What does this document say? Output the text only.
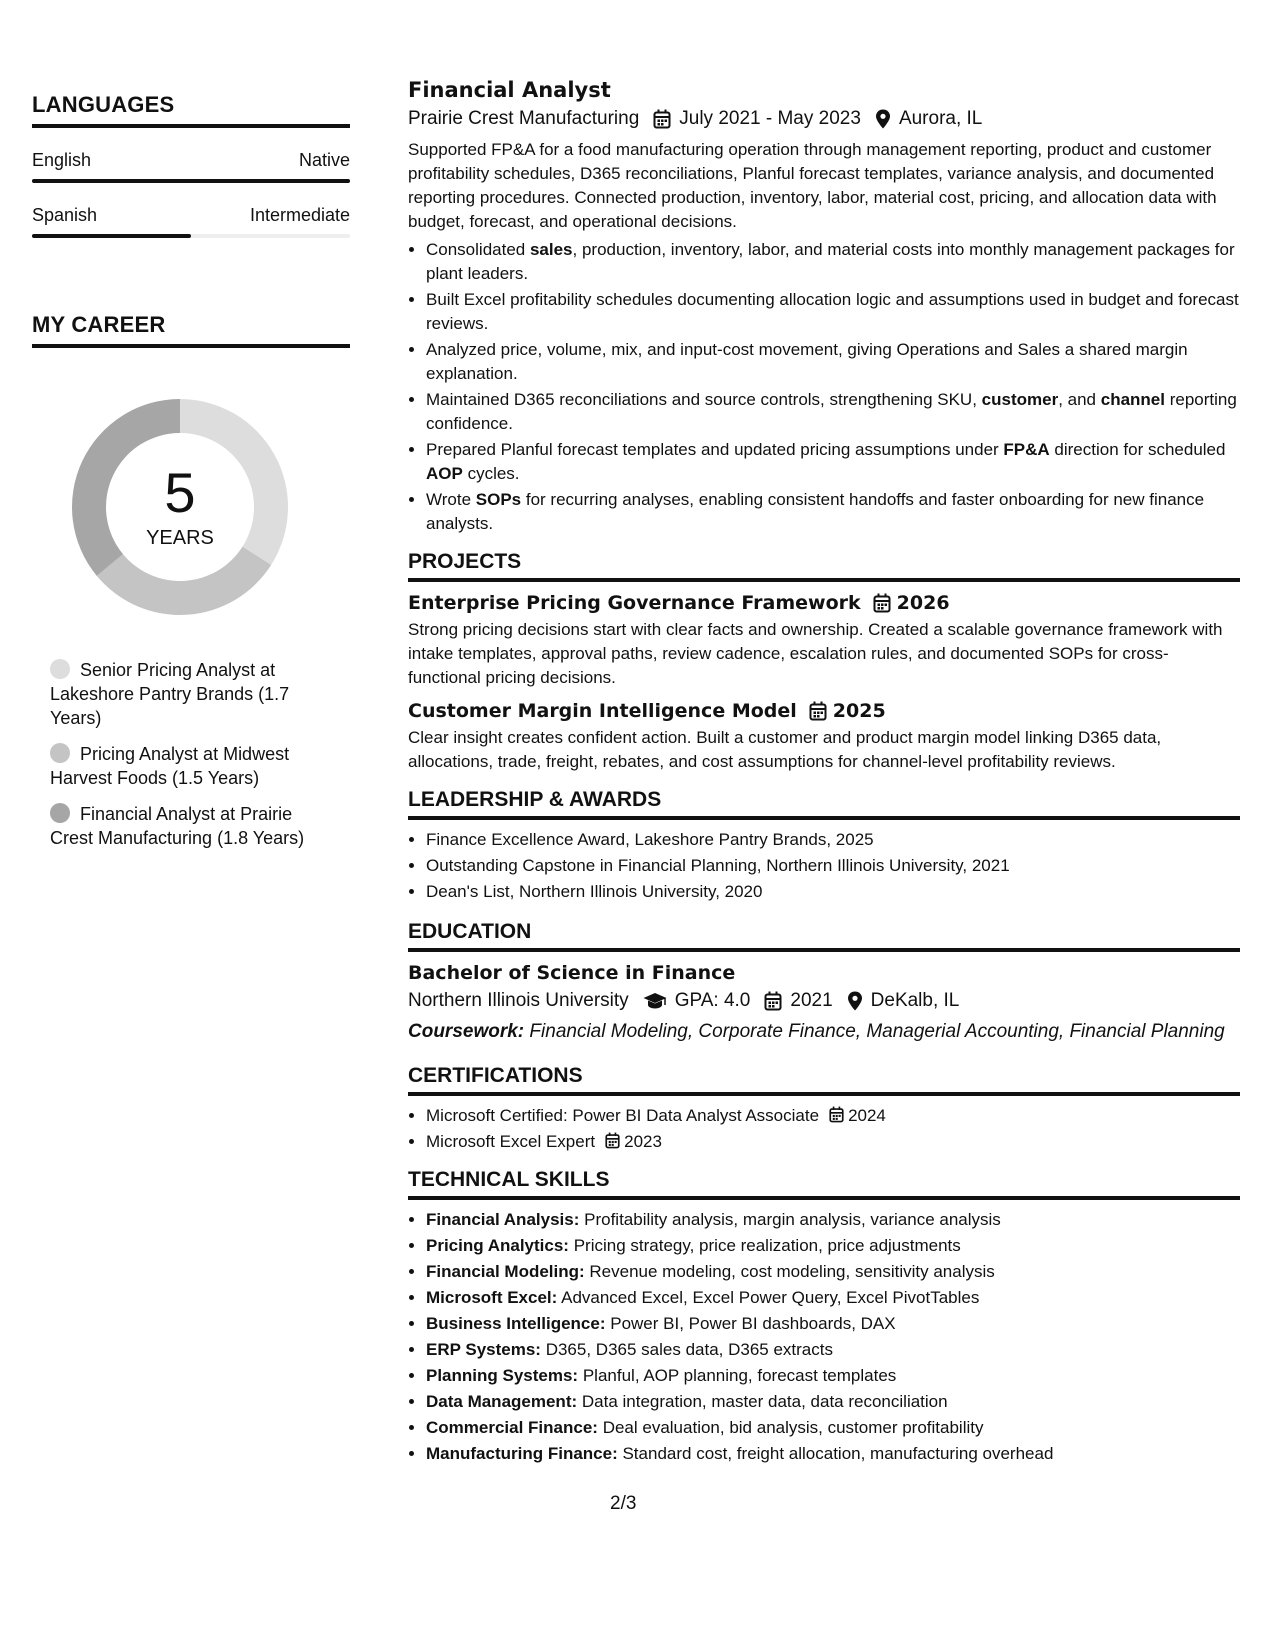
LANGUAGES
English	Native
Spanish	Intermediate
MY CAREER
5
YEARS
Senior Pricing Analyst at Lakeshore Pantry Brands (1.7 Years)
Pricing Analyst at Midwest Harvest Foods (1.5 Years)
Financial Analyst at Prairie Crest Manufacturing (1.8 Years)
Financial Analyst
Prairie Crest Manufacturing July 2021 - May 2023 Aurora, IL
Supported FP&A for a food manufacturing operation through management reporting, product and customer profitability schedules, D365 reconciliations, Planful forecast templates, variance analysis, and documented reporting procedures. Connected production, inventory, labor, material cost, pricing, and allocation data with budget, forecast, and operational decisions.
• Consolidated sales, production, inventory, labor, and material costs into monthly management packages for plant leaders.
• Built Excel profitability schedules documenting allocation logic and assumptions used in budget and forecast reviews.
• Analyzed price, volume, mix, and input-cost movement, giving Operations and Sales a shared margin explanation.
• Maintained D365 reconciliations and source controls, strengthening SKU, customer, and channel reporting confidence.
• Prepared Planful forecast templates and updated pricing assumptions under FP&A direction for scheduled AOP cycles.
• Wrote SOPs for recurring analyses, enabling consistent handoffs and faster onboarding for new finance analysts.
PROJECTS
Enterprise Pricing Governance Framework 2026
Strong pricing decisions start with clear facts and ownership. Created a scalable governance framework with intake templates, approval paths, review cadence, escalation rules, and documented SOPs for cross-functional pricing decisions.
Customer Margin Intelligence Model 2025
Clear insight creates confident action. Built a customer and product margin model linking D365 data, allocations, trade, freight, rebates, and cost assumptions for channel-level profitability reviews.
LEADERSHIP & AWARDS
• Finance Excellence Award, Lakeshore Pantry Brands, 2025
• Outstanding Capstone in Financial Planning, Northern Illinois University, 2021
• Dean's List, Northern Illinois University, 2020
EDUCATION
Bachelor of Science in Finance
Northern Illinois University GPA: 4.0 2021 DeKalb, IL
Coursework: Financial Modeling, Corporate Finance, Managerial Accounting, Financial Planning
CERTIFICATIONS
• Microsoft Certified: Power BI Data Analyst Associate 2024
• Microsoft Excel Expert 2023
TECHNICAL SKILLS
• Financial Analysis: Profitability analysis, margin analysis, variance analysis
• Pricing Analytics: Pricing strategy, price realization, price adjustments
• Financial Modeling: Revenue modeling, cost modeling, sensitivity analysis
• Microsoft Excel: Advanced Excel, Excel Power Query, Excel PivotTables
• Business Intelligence: Power BI, Power BI dashboards, DAX
• ERP Systems: D365, D365 sales data, D365 extracts
• Planning Systems: Planful, AOP planning, forecast templates
• Data Management: Data integration, master data, data reconciliation
• Commercial Finance: Deal evaluation, bid analysis, customer profitability
• Manufacturing Finance: Standard cost, freight allocation, manufacturing overhead
2/3
